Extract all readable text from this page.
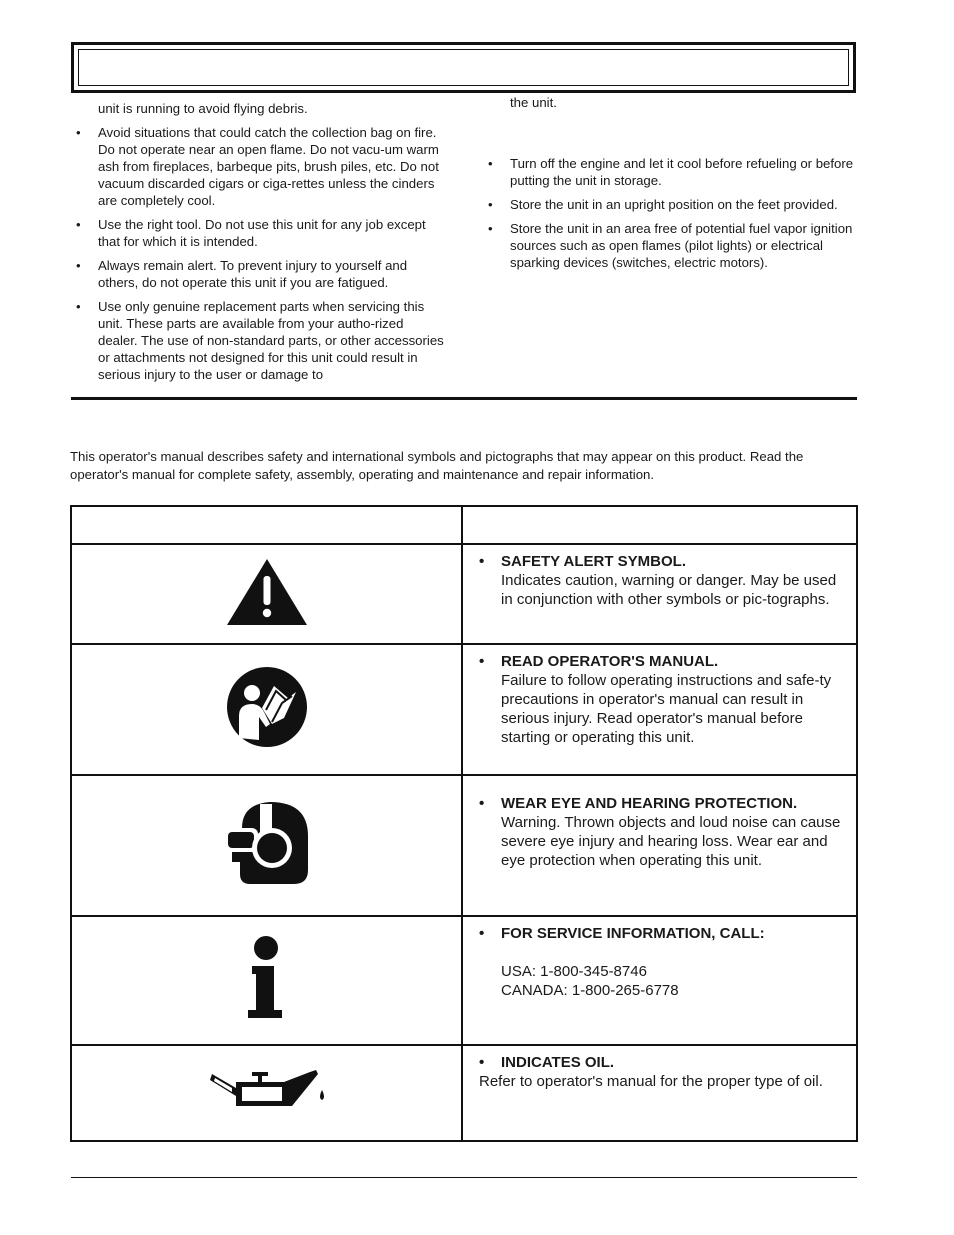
unit is running to avoid flying debris.

• Avoid situations that could catch the collection bag on fire. Do not operate near an open flame. Do not vacu-um warm ash from fireplaces, barbeque pits, brush piles, etc. Do not vacuum discarded cigars or ciga-rettes unless the cinders are completely cool.
• Use the right tool. Do not use this unit for any job except that for which it is intended.
• Always remain alert. To prevent injury to yourself and others, do not operate this unit if you are fatigued.
• Use only genuine replacement parts when servicing this unit. These parts are available from your autho-rized dealer. The use of non-standard parts, or other accessories or attachments not designed for this unit could result in serious injury to the user or damage to

the unit.

• Turn off the engine and let it cool before refueling or before putting the unit in storage.
• Store the unit in an upright position on the feet provided.
• Store the unit in an area free of potential fuel vapor ignition sources such as open flames (pilot lights) or electrical sparking devices (switches, electric motors).

This operator's manual describes safety and international symbols and pictographs that may appear on this product. Read the operator's manual for complete safety, assembly, operating and maintenance and repair information.

• SAFETY ALERT SYMBOL.
Indicates caution, warning or danger. May be used in conjunction with other symbols or pic-tographs.

• READ OPERATOR'S MANUAL.
Failure to follow operating instructions and safe-ty precautions in operator's manual can result in serious injury. Read operator's manual before starting or operating this unit.

• WEAR EYE AND HEARING PROTECTION.
Warning. Thrown objects and loud noise can cause severe eye injury and hearing loss. Wear ear and eye protection when operating this unit.

• FOR SERVICE INFORMATION, CALL:
USA: 1-800-345-8746
CANADA: 1-800-265-6778

• INDICATES OIL.
Refer to operator's manual for the proper type of oil.
